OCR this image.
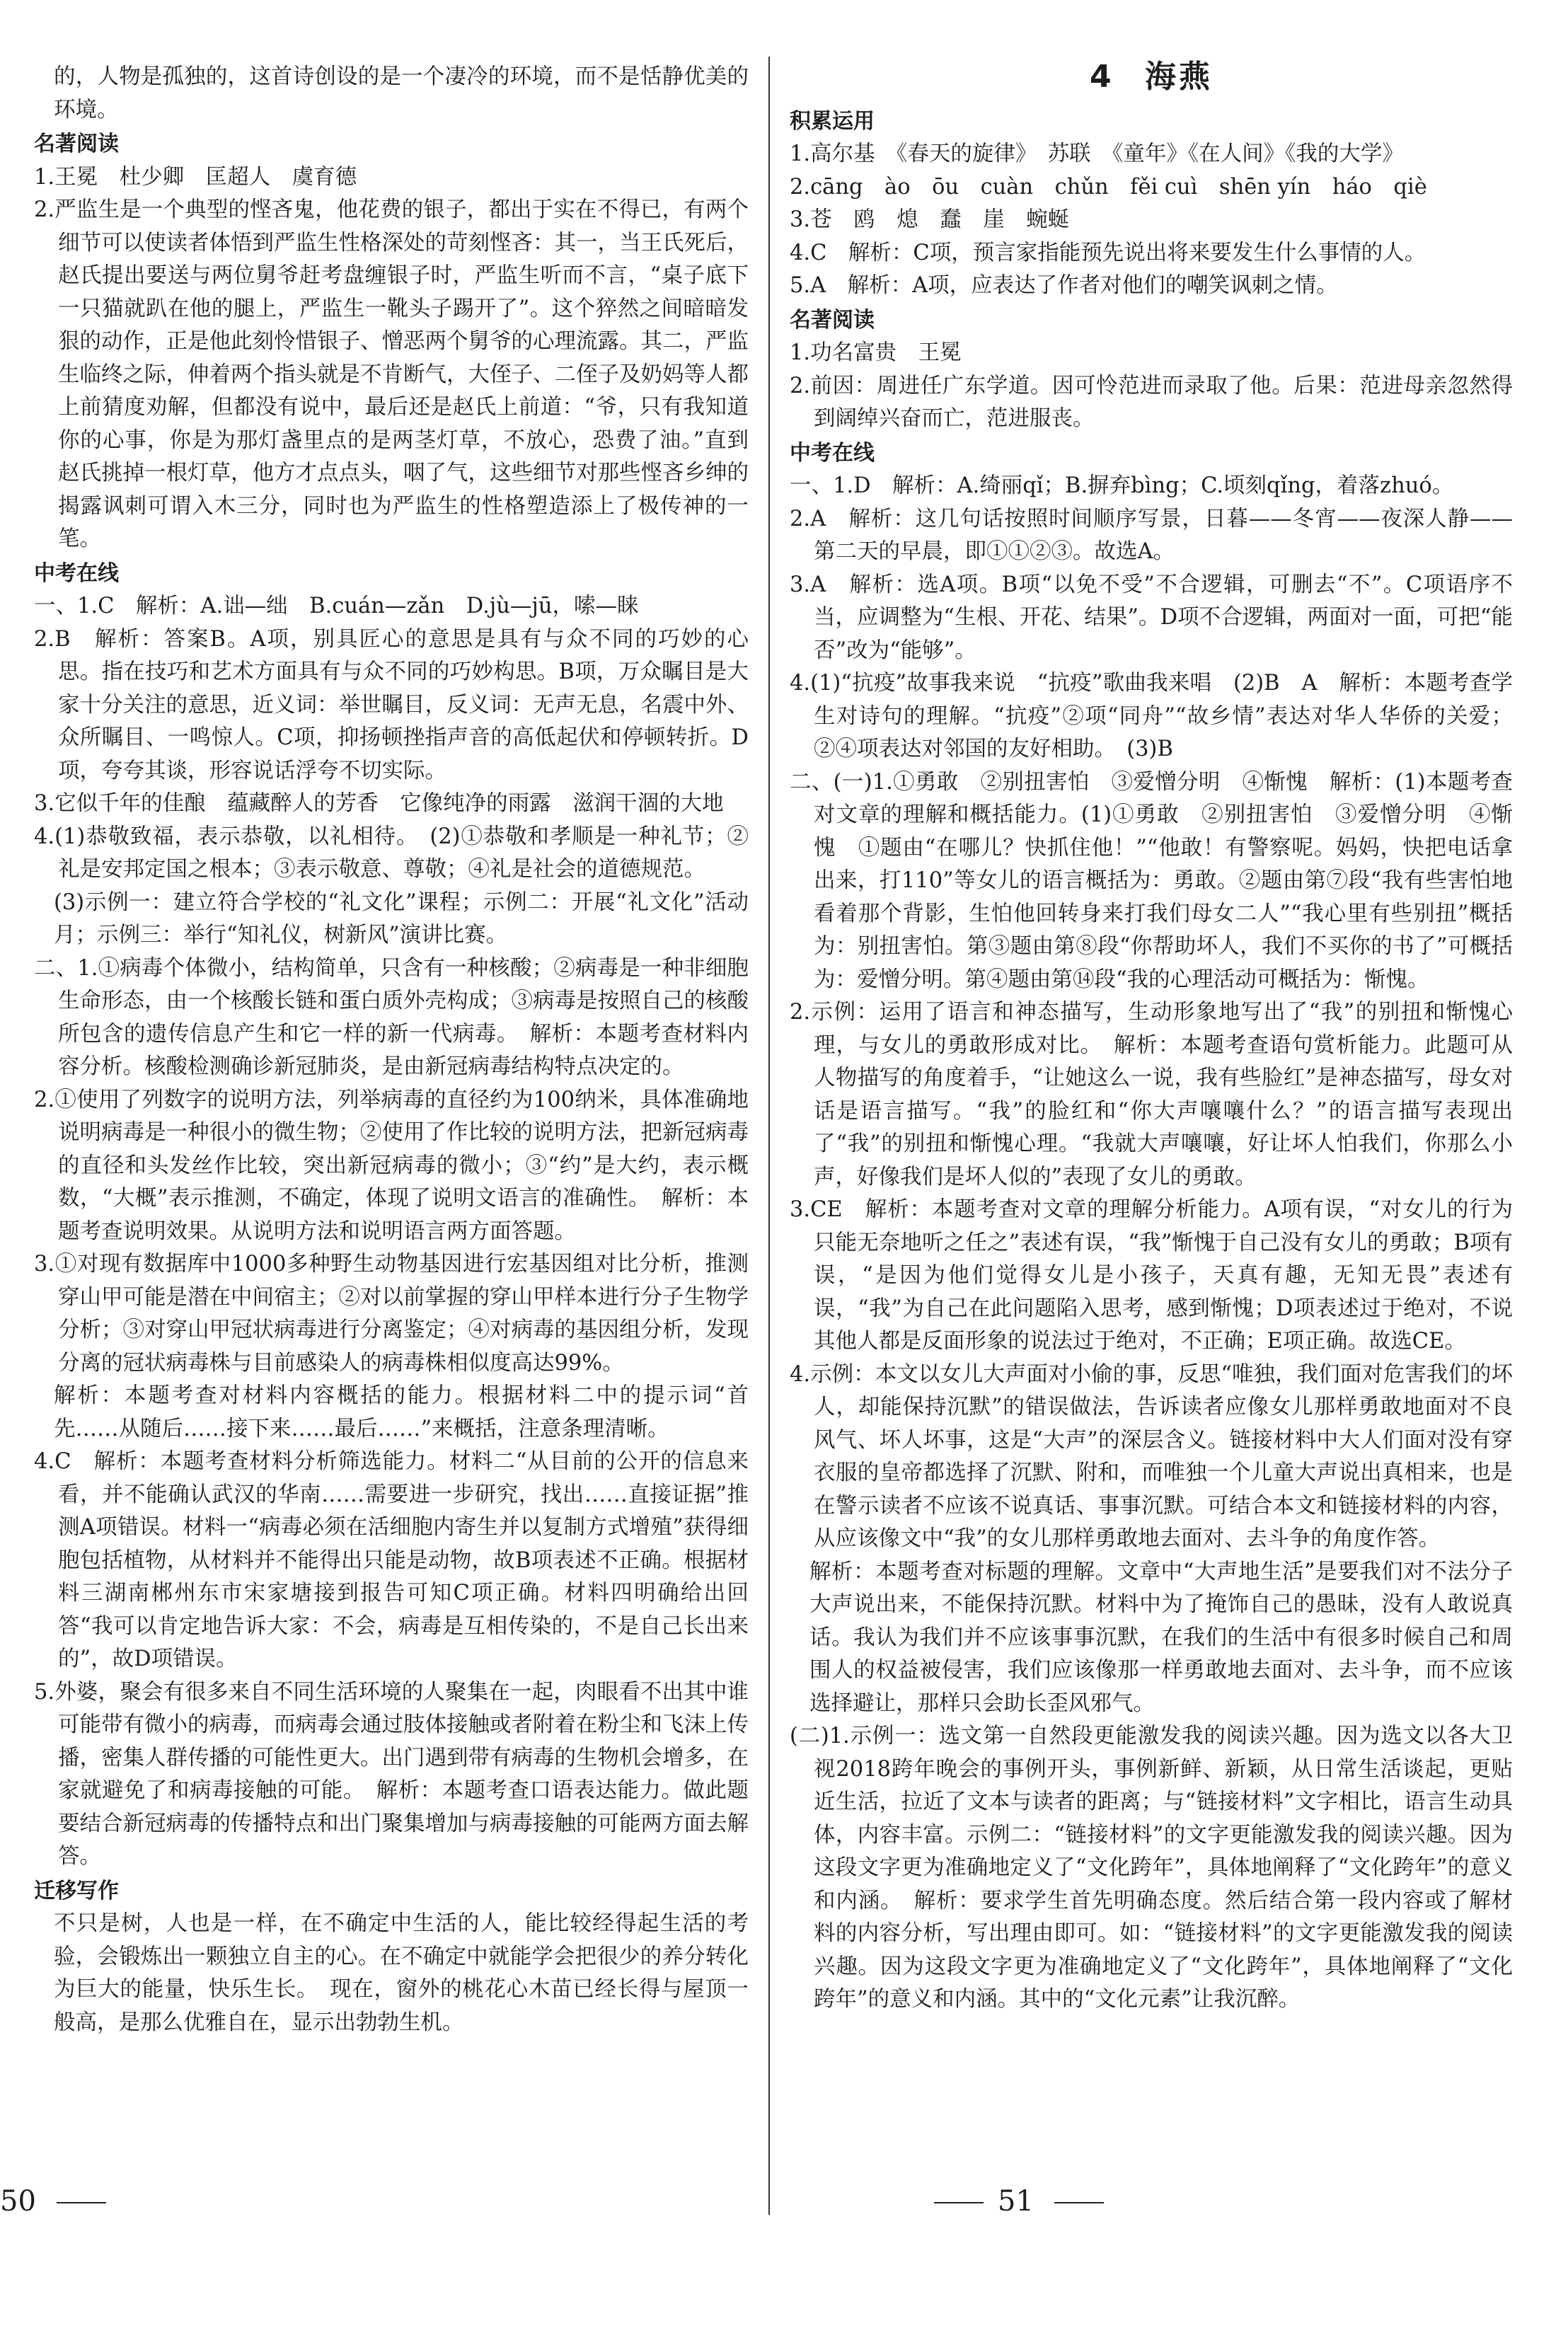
的，人物是孤独的，这首诗创设的是一个凄冷的环境，而不是恬静优美的环境。

名著阅读

1.王冕　杜少卿　匡超人　虞育德

2.严监生是一个典型的悭吝鬼，他花费的银子，都出于实在不得已，有两个细节可以使读者体悟到严监生性格深处的苛刻悭吝：其一，当王氏死后，赵氏提出要送与两位舅爷赶考盘缠银子时，严监生听而不言，“桌子底下一只猫就趴在他的腿上，严监生一靴头子踢开了”。这个猝然之间暗暗发狠的动作，正是他此刻怜惜银子、憎恶两个舅爷的心理流露。其二，严监生临终之际，伸着两个指头就是不肯断气，大侄子、二侄子及奶妈等人都上前猜度劝解，但都没有说中，最后还是赵氏上前道：“爷，只有我知道你的心事，你是为那灯盏里点的是两茎灯草，不放心，恐费了油。”直到赵氏挑掉一根灯草，他方才点点头，咽了气，这些细节对那些悭吝乡绅的揭露讽刺可谓入木三分，同时也为严监生的性格塑造添上了极传神的一笔。

中考在线

一、1.C　解析：A.诎—绌　B.cuán—zǎn　D.jù—jū，嗦—睐

2.B　解析：答案B。A项，别具匠心的意思是具有与众不同的巧妙的心思。指在技巧和艺术方面具有与众不同的巧妙构思。B项，万众瞩目是大家十分关注的意思，近义词：举世瞩目，反义词：无声无息，名震中外、众所瞩目、一鸣惊人。C项，抑扬顿挫指声音的高低起伏和停顿转折。D项，夸夸其谈，形容说话浮夸不切实际。

3.它似千年的佳酿　蕴藏醉人的芳香　它像纯净的雨露　滋润干涸的大地

4.(1)恭敬致福，表示恭敬，以礼相待。　(2)①恭敬和孝顺是一种礼节；②礼是安邦定国之根本；③表示敬意、尊敬；④礼是社会的道德规范。

(3)示例一：建立符合学校的“礼文化”课程；示例二：开展“礼文化”活动月；示例三：举行“知礼仪，树新风”演讲比赛。

二、1.①病毒个体微小，结构简单，只含有一种核酸；②病毒是一种非细胞生命形态，由一个核酸长链和蛋白质外壳构成；③病毒是按照自己的核酸所包含的遗传信息产生和它一样的新一代病毒。　解析：本题考查材料内容分析。核酸检测确诊新冠肺炎，是由新冠病毒结构特点决定的。

2.①使用了列数字的说明方法，列举病毒的直径约为100纳米，具体准确地说明病毒是一种很小的微生物；②使用了作比较的说明方法，把新冠病毒的直径和头发丝作比较，突出新冠病毒的微小；③“约”是大约，表示概数，“大概”表示推测，不确定，体现了说明文语言的准确性。　解析：本题考查说明效果。从说明方法和说明语言两方面答题。

3.①对现有数据库中1000多种野生动物基因进行宏基因组对比分析，推测穿山甲可能是潜在中间宿主；②对以前掌握的穿山甲样本进行分子生物学分析；③对穿山甲冠状病毒进行分离鉴定；④对病毒的基因组分析，发现分离的冠状病毒株与目前感染人的病毒株相似度高达99%。

解析：本题考查对材料内容概括的能力。根据材料二中的提示词“首先……从随后……接下来……最后……”来概括，注意条理清晰。

4.C　解析：本题考查材料分析筛选能力。材料二“从目前的公开的信息来看，并不能确认武汉的华南……需要进一步研究，找出……直接证据”推测A项错误。材料一“病毒必须在活细胞内寄生并以复制方式增殖”获得细胞包括植物，从材料并不能得出只能是动物，故B项表述不正确。根据材料三湖南郴州东市宋家塘接到报告可知C项正确。材料四明确给出回答“我可以肯定地告诉大家：不会，病毒是互相传染的，不是自己长出来的”，故D项错误。

5.外婆，聚会有很多来自不同生活环境的人聚集在一起，肉眼看不出其中谁可能带有微小的病毒，而病毒会通过肢体接触或者附着在粉尘和飞沫上传播，密集人群传播的可能性更大。出门遇到带有病毒的生物机会增多，在家就避免了和病毒接触的可能。　解析：本题考查口语表达能力。做此题要结合新冠病毒的传播特点和出门聚集增加与病毒接触的可能两方面去解答。

迁移写作

不只是树，人也是一样，在不确定中生活的人，能比较经得起生活的考验，会锻炼出一颗独立自主的心。在不确定中就能学会把很少的养分转化为巨大的能量，快乐生长。　现在，窗外的桃花心木苗已经长得与屋顶一般高，是那么优雅自在，显示出勃勃生机。

4 海燕
积累运用

1.高尔基　《春天的旋律》　苏联　《童年》《在人间》《我的大学》

2.cāng　ào　ōu　cuàn　chǔn　fěi cuì　shēn yín　háo　qiè

3.苍　鸥　熄　蠢　崖　蜿蜒

4.C　解析：C项，预言家指能预先说出将来要发生什么事情的人。

5.A　解析：A项，应表达了作者对他们的嘲笑讽刺之情。

名著阅读

1.功名富贵　王冕

2.前因：周进任广东学道。因可怜范进而录取了他。后果：范进母亲忽然得到阔绰兴奋而亡，范进服丧。

中考在线

一、1.D　解析：A.绮丽qǐ；B.摒弃bìng；C.顷刻qǐng，着落zhuó。

2.A　解析：这几句话按照时间顺序写景，日暮——冬宵——夜深人静——第二天的早晨，即①①②③。故选A。

3.A　解析：选A项。B项“以免不受”不合逻辑，可删去“不”。C项语序不当，应调整为“生根、开花、结果”。D项不合逻辑，两面对一面，可把“能否”改为“能够”。

4.(1)“抗疫”故事我来说　“抗疫”歌曲我来唱　(2)B　A　解析：本题考查学生对诗句的理解。“抗疫”②项“同舟”“故乡情”表达对华人华侨的关爱；②④项表达对邻国的友好相助。　(3)B

二、(一)1.①勇敢　②别扭害怕　③爱憎分明　④惭愧　解析：(1)本题考查对文章的理解和概括能力。(1)①勇敢　②别扭害怕　③爱憎分明　④惭愧　①题由“在哪儿？快抓住他！”“他敢！有警察呢。妈妈，快把电话拿出来，打110”等女儿的语言概括为：勇敢。②题由第⑦段“我有些害怕地看着那个背影，生怕他回转身来打我们母女二人”“我心里有些别扭”概括为：别扭害怕。第③题由第⑧段“你帮助坏人，我们不买你的书了”可概括为：爱憎分明。第④题由第⑭段“我的心理活动可概括为：惭愧。

2.示例：运用了语言和神态描写，生动形象地写出了“我”的别扭和惭愧心理，与女儿的勇敢形成对比。　解析：本题考查语句赏析能力。此题可从人物描写的角度着手，“让她这么一说，我有些脸红”是神态描写，母女对话是语言描写。“我”的脸红和“你大声嚷嚷什么？”的语言描写表现出了“我”的别扭和惭愧心理。“我就大声嚷嚷，好让坏人怕我们，你那么小声，好像我们是坏人似的”表现了女儿的勇敢。

3.CE　解析：本题考查对文章的理解分析能力。A项有误，“对女儿的行为只能无奈地听之任之”表述有误，“我”惭愧于自己没有女儿的勇敢；B项有误，“是因为他们觉得女儿是小孩子，天真有趣，无知无畏”表述有误，“我”为自己在此问题陷入思考，感到惭愧；D项表述过于绝对，不说其他人都是反面形象的说法过于绝对，不正确；E项正确。故选CE。

4.示例：本文以女儿大声面对小偷的事，反思“唯独，我们面对危害我们的坏人，却能保持沉默”的错误做法，告诉读者应像女儿那样勇敢地面对不良风气、坏人坏事，这是“大声”的深层含义。链接材料中大人们面对没有穿衣服的皇帝都选择了沉默、附和，而唯独一个儿童大声说出真相来，也是在警示读者不应该不说真话、事事沉默。可结合本文和链接材料的内容，从应该像文中“我”的女儿那样勇敢地去面对、去斗争的角度作答。

解析：本题考查对标题的理解。文章中“大声地生活”是要我们对不法分子大声说出来，不能保持沉默。材料中为了掩饰自己的愚昧，没有人敢说真话。我认为我们并不应该事事沉默，在我们的生活中有很多时候自己和周围人的权益被侵害，我们应该像那一样勇敢地去面对、去斗争，而不应该选择避让，那样只会助长歪风邪气。

(二)1.示例一：选文第一自然段更能激发我的阅读兴趣。因为选文以各大卫视2018跨年晚会的事例开头，事例新鲜、新颖，从日常生活谈起，更贴近生活，拉近了文本与读者的距离；与“链接材料”文字相比，语言生动具体，内容丰富。示例二：“链接材料”的文字更能激发我的阅读兴趣。因为这段文字更为准确地定义了“文化跨年”，具体地阐释了“文化跨年”的意义和内涵。　解析：要求学生首先明确态度。然后结合第一段内容或了解材料的内容分析，写出理由即可。如：“链接材料”的文字更能激发我的阅读兴趣。因为这段文字更为准确地定义了“文化跨年”，具体地阐释了“文化跨年”的意义和内涵。其中的“文化元素”让我沉醉。

50	51
